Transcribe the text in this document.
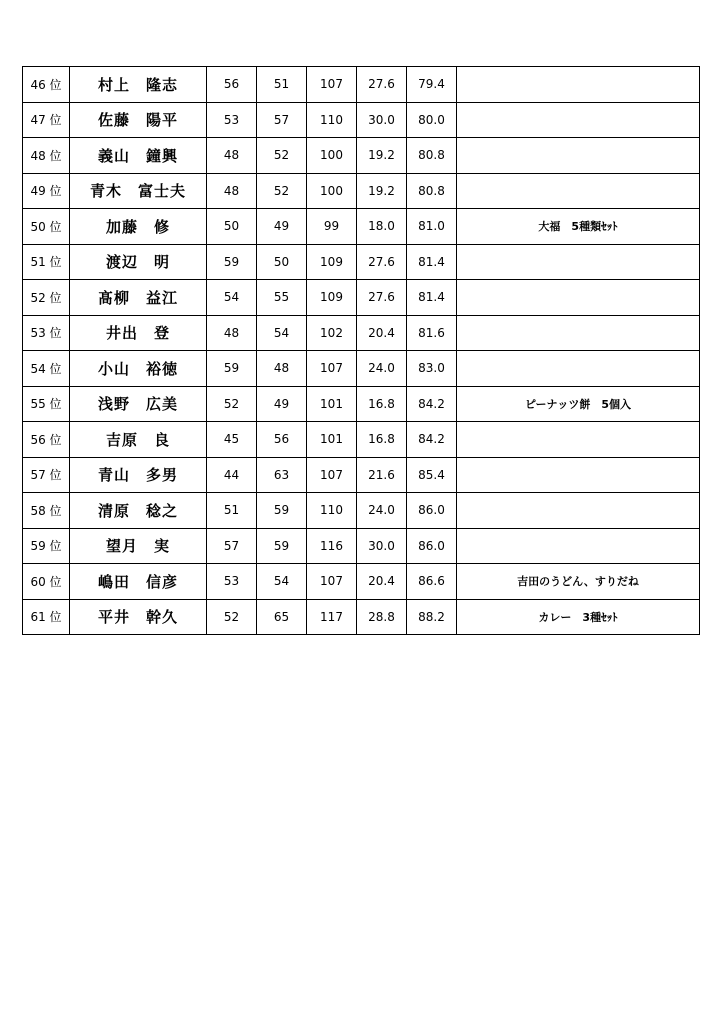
46 位	村上　隆志	56	51	107	27.6	79.4	
47 位	佐藤　陽平	53	57	110	30.0	80.0	
48 位	義山　鐘興	48	52	100	19.2	80.8	
49 位	青木　富士夫	48	52	100	19.2	80.8	
50 位	加藤　修	50	49	99	18.0	81.0	大福　5種類ｾｯﾄ
51 位	渡辺　明	59	50	109	27.6	81.4	
52 位	髙柳　益江	54	55	109	27.6	81.4	
53 位	井出　登	48	54	102	20.4	81.6	
54 位	小山　裕徳	59	48	107	24.0	83.0	
55 位	浅野　広美	52	49	101	16.8	84.2	ピーナッツ餅　5個入
56 位	吉原　良	45	56	101	16.8	84.2	
57 位	青山　多男	44	63	107	21.6	85.4	
58 位	清原　稔之	51	59	110	24.0	86.0	
59 位	望月　実	57	59	116	30.0	86.0	
60 位	嶋田　信彦	53	54	107	20.4	86.6	吉田のうどん、すりだね
61 位	平井　幹久	52	65	117	28.8	88.2	カレー　3種ｾｯﾄ
